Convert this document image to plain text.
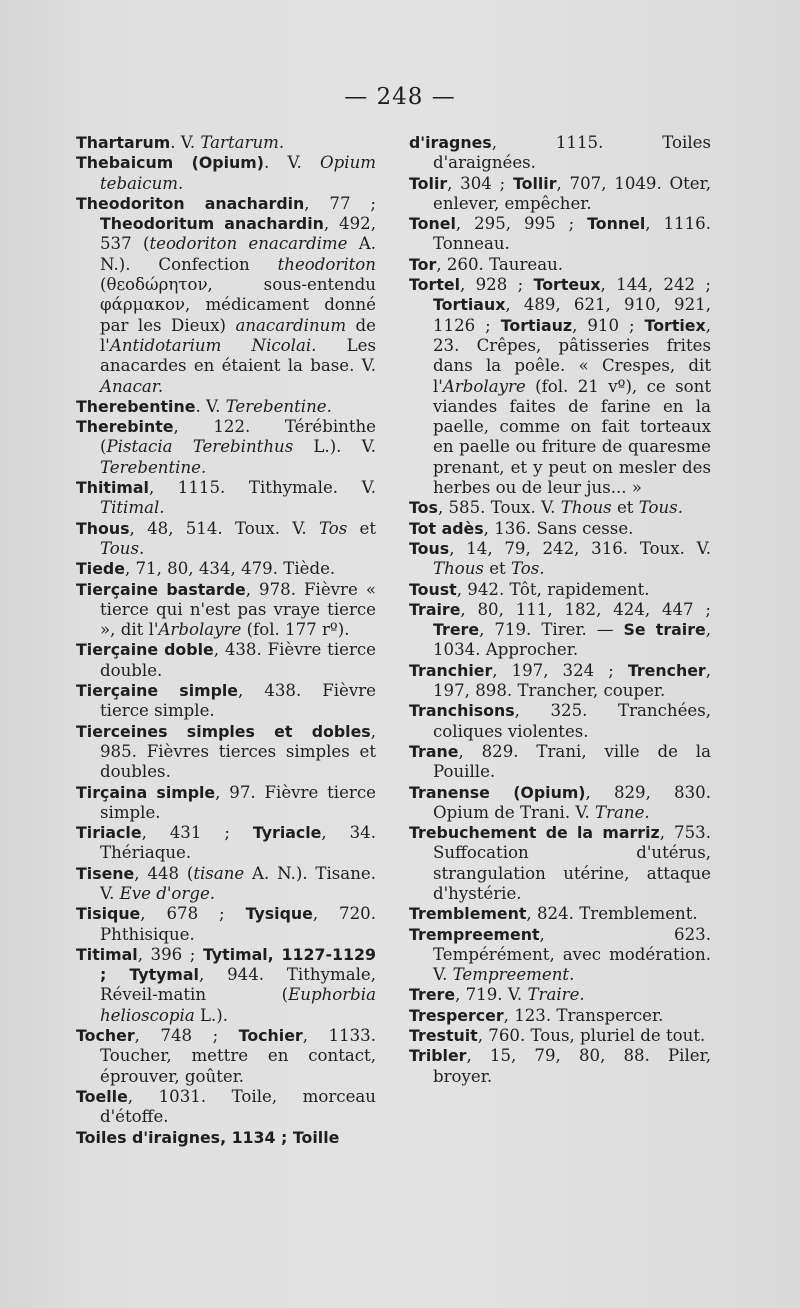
— 248 —
Thartarum. V. Tartarum.
Thebaicum (Opium). V. Opium tebaicum.
Theodoriton anachardin, 77 ; Theodoritum anachardin, 492, 537 (teodoriton enacardime A. N.). Confection theodoriton (θεοδώρητον, sous-entendu φάρμακον, médicament donné par les Dieux) anacardinum de l'Antidotarium Nicolai. Les anacardes en étaient la base. V. Anacar.
Therebentine. V. Terebentine.
Therebinte, 122. Térébinthe (Pistacia Terebinthus L.). V. Terebentine.
Thitimal, 1115. Tithymale. V. Titimal.
Thous, 48, 514. Toux. V. Tos et Tous.
Tiede, 71, 80, 434, 479. Tiède.
Tierçaine bastarde, 978. Fièvre « tierce qui n'est pas vraye tierce », dit l'Arbolayre (fol. 177 rº).
Tierçaine doble, 438. Fièvre tierce double.
Tierçaine simple, 438. Fièvre tierce simple.
Tierceines simples et dobles, 985. Fièvres tierces simples et doubles.
Tirçaina simple, 97. Fièvre tierce simple.
Tiriacle, 431 ; Tyriacle, 34. Thériaque.
Tisene, 448 (tisane A. N.). Tisane. V. Eve d'orge.
Tisique, 678 ; Tysique, 720. Phthisique.
Titimal, 396 ; Tytimal, 1127-1129 ; Tytymal, 944. Tithymale, Réveil-matin (Euphorbia helioscopia L.).
Tocher, 748 ; Tochier, 1133. Toucher, mettre en contact, éprouver, goûter.
Toelle, 1031. Toile, morceau d'étoffe.
Toiles d'iraignes, 1134 ; Toille
d'iragnes, 1115. Toiles d'araignées.
Tolir, 304 ; Tollir, 707, 1049. Oter, enlever, empêcher.
Tonel, 295, 995 ; Tonnel, 1116. Tonneau.
Tor, 260. Taureau.
Tortel, 928 ; Torteux, 144, 242 ; Tortiaux, 489, 621, 910, 921, 1126 ; Tortiauz, 910 ; Tortiex, 23. Crêpes, pâtisseries frites dans la poêle. « Crespes, dit l'Arbolayre (fol. 21 vº), ce sont viandes faites de farine en la paelle, comme on fait torteaux en paelle ou friture de quaresme prenant, et y peut on mesler des herbes ou de leur jus... »
Tos, 585. Toux. V. Thous et Tous.
Tot adès, 136. Sans cesse.
Tous, 14, 79, 242, 316. Toux. V. Thous et Tos.
Toust, 942. Tôt, rapidement.
Traire, 80, 111, 182, 424, 447 ; Trere, 719. Tirer. — Se traire, 1034. Approcher.
Tranchier, 197, 324 ; Trencher, 197, 898. Trancher, couper.
Tranchisons, 325. Tranchées, coliques violentes.
Trane, 829. Trani, ville de la Pouille.
Tranense (Opium), 829, 830. Opium de Trani. V. Trane.
Trebuchement de la marriz, 753. Suffocation d'utérus, strangulation utérine, attaque d'hystérie.
Tremblement, 824. Tremblement.
Trempreement, 623. Tempérément, avec modération. V. Tempreement.
Trere, 719. V. Traire.
Trespercer, 123. Transpercer.
Trestuit, 760. Tous, pluriel de tout.
Tribler, 15, 79, 80, 88. Piler, broyer.
